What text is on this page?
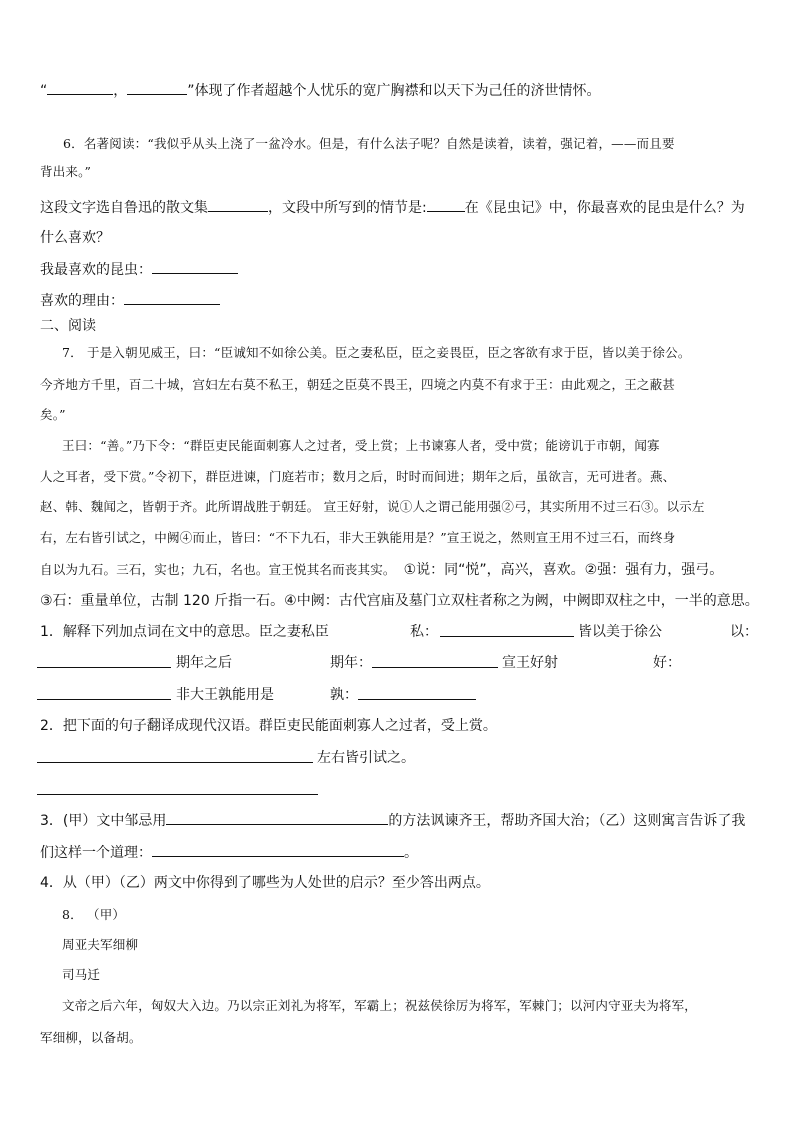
“	，	”体现了作者超越个人忧乐的宽广胸襟和以天下为己任的济世情怀。
6．名著阅读：“我似乎从头上浇了一盆冷水。但是，有什么法子呢？自然是读着，读着，强记着，——而且要
背出来。”
这段文字选自鲁迅的散文集	，文段中所写到的情节是:	在《昆虫记》中，你最喜欢的昆虫是什么？为
什么喜欢？
我最喜欢的昆虫：
喜欢的理由：
二、阅读
7． 于是入朝见威王，曰：“臣诚知不如徐公美。臣之妻私臣，臣之妾畏臣，臣之客欲有求于臣，皆以美于徐公。
今齐地方千里，百二十城，宫妇左右莫不私王，朝廷之臣莫不畏王，四境之内莫不有求于王：由此观之，王之蔽甚
矣。”
王曰：“善。”乃下令：“群臣吏民能面刺寡人之过者，受上赏；上书谏寡人者，受中赏；能谤讥于市朝，闻寡
人之耳者，受下赏。”令初下，群臣进谏，门庭若市；数月之后，时时而间进；期年之后，虽欲言，无可进者。燕、
赵、韩、魏闻之，皆朝于齐。此所谓战胜于朝廷。 宣王好射，说①人之谓己能用强②弓，其实所用不过三石③。以示左
右，左右皆引试之，中阙④而止，皆曰：“不下九石，非大王孰能用是？”宣王说之，然则宣王用不过三石，而终身
自以为九石。三石，实也；九石，名也。宣王悦其名而丧其实。 ①说：同“悦”，高兴，喜欢。②强：强有力，强弓。
③石：重量单位，古制 120 斤指一石。④中阙：古代宫庙及墓门立双柱者称之为阙，中阙即双柱之中，一半的意思。
1．解释下列加点词在文中的意思。臣之妻私臣	私：	皆以美于徐公	以：
期年之后	期年：	宣王好射	好：
非大王孰能用是	孰：
2．把下面的句子翻译成现代汉语。群臣吏民能面刺寡人之过者，受上赏。
左右皆引试之。
3．(甲）文中邹忌用	的方法讽谏齐王，帮助齐国大治；（乙）这则寓言告诉了我
们这样一个道理：	。
4．从（甲）（乙）两文中你得到了哪些为人处世的启示？至少答出两点。
8． （甲）
周亚夫军细柳
司马迁
文帝之后六年，匈奴大入边。乃以宗正刘礼为将军，军霸上；祝兹侯徐厉为将军，军棘门；以河内守亚夫为将军，
军细柳，以备胡。
